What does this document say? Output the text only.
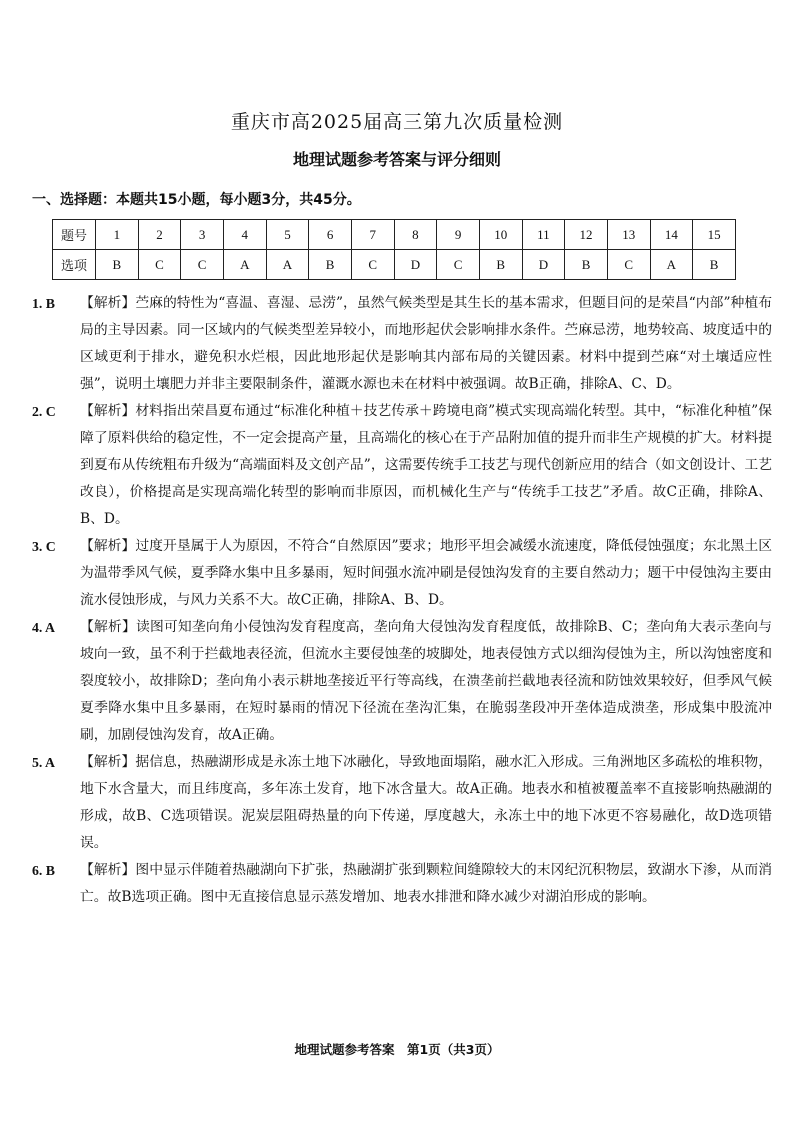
重庆市高2025届高三第九次质量检测
地理试题参考答案与评分细则
一、选择题：本题共15小题，每小题3分，共45分。
题号	1	2	3	4	5	6	7	8	9	10	11	12	13	14	15
选项	B	C	C	A	A	B	C	D	C	B	D	B	C	A	B
1. B 【解析】苎麻的特性为“喜温、喜湿、忌涝”，虽然气候类型是其生长的基本需求，但题目问的是荣昌“内部”种植布局的主导因素。同一区域内的气候类型差异较小，而地形起伏会影响排水条件。苎麻忌涝，地势较高、坡度适中的区域更利于排水，避免积水烂根，因此地形起伏是影响其内部布局的关键因素。材料中提到苎麻“对土壤适应性强”，说明土壤肥力并非主要限制条件，灌溉水源也未在材料中被强调。故B正确，排除A、C、D。
2. C 【解析】材料指出荣昌夏布通过“标准化种植＋技艺传承＋跨境电商”模式实现高端化转型。其中，“标准化种植”保障了原料供给的稳定性，不一定会提高产量，且高端化的核心在于产品附加值的提升而非生产规模的扩大。材料提到夏布从传统粗布升级为“高端面料及文创产品”，这需要传统手工技艺与现代创新应用的结合（如文创设计、工艺改良），价格提高是实现高端化转型的影响而非原因，而机械化生产与“传统手工技艺”矛盾。故C正确，排除A、B、D。
3. C 【解析】过度开垦属于人为原因，不符合“自然原因”要求；地形平坦会减缓水流速度，降低侵蚀强度；东北黑土区为温带季风气候，夏季降水集中且多暴雨，短时间强水流冲刷是侵蚀沟发育的主要自然动力；题干中侵蚀沟主要由流水侵蚀形成，与风力关系不大。故C正确，排除A、B、D。
4. A 【解析】读图可知垄向角小侵蚀沟发育程度高，垄向角大侵蚀沟发育程度低，故排除B、C；垄向角大表示垄向与坡向一致，虽不利于拦截地表径流，但流水主要侵蚀垄的坡脚处，地表侵蚀方式以细沟侵蚀为主，所以沟蚀密度和裂度较小，故排除D；垄向角小表示耕地垄接近平行等高线，在溃垄前拦截地表径流和防蚀效果较好，但季风气候夏季降水集中且多暴雨，在短时暴雨的情况下径流在垄沟汇集，在脆弱垄段冲开垄体造成溃垄，形成集中股流冲刷，加剧侵蚀沟发育，故A正确。
5. A 【解析】据信息，热融湖形成是永冻土地下冰融化，导致地面塌陷，融水汇入形成。三角洲地区多疏松的堆积物，地下水含量大，而且纬度高，多年冻土发育，地下冰含量大。故A正确。地表水和植被覆盖率不直接影响热融湖的形成，故B、C选项错误。泥炭层阻碍热量的向下传递，厚度越大，永冻土中的地下冰更不容易融化，故D选项错误。
6. B 【解析】图中显示伴随着热融湖向下扩张，热融湖扩张到颗粒间缝隙较大的末冈纪沉积物层，致湖水下渗，从而消亡。故B选项正确。图中无直接信息显示蒸发增加、地表水排泄和降水减少对湖泊形成的影响。
地理试题参考答案　第1页（共3页）
